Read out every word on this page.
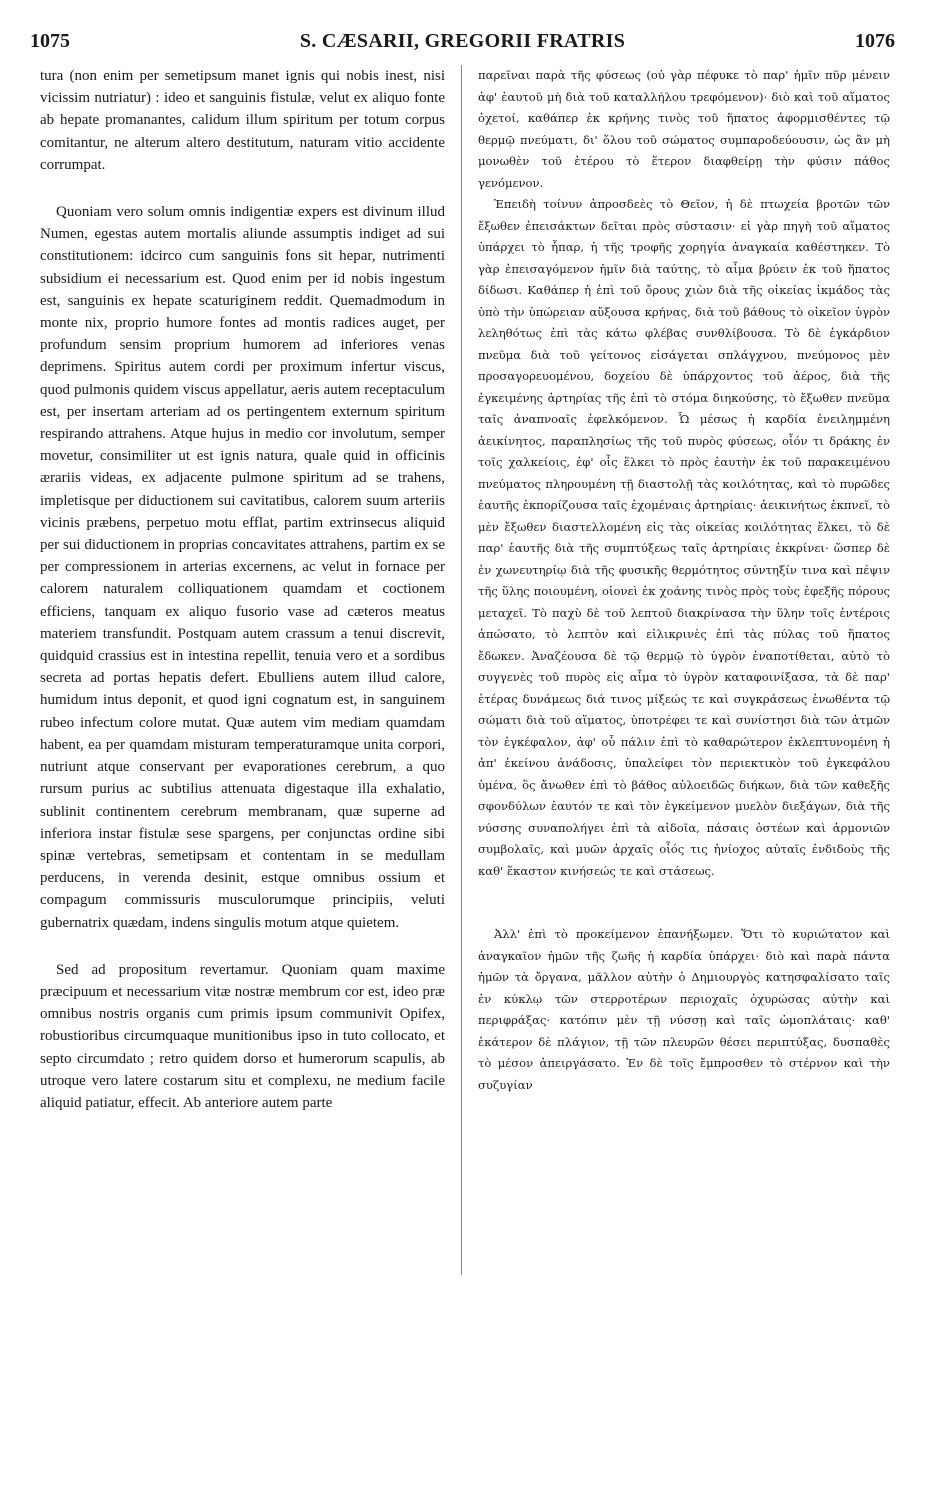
1075	S. CÆSARII, GREGORII FRATRIS	1076

tura (non enim per semetipsum manet ignis qui nobis inest, nisi vicissim nutriatur) : ideo et sanguinis fistulæ, velut ex aliquo fonte ab hepate promanantes, calidum illum spiritum per totum corpus comitantur, ne alterum altero destitutum, naturam vitio accidente corrumpat.

Quoniam vero solum omnis indigentiæ expers est divinum illud Numen, egestas autem mortalis aliunde assumptis indiget ad sui constitutionem: idcirco cum sanguinis fons sit hepar, nutrimenti subsidium ei necessarium est. Quod enim per id nobis ingestum est, sanguinis ex hepate scaturiginem reddit. Quemadmodum in monte nix, proprio humore fontes ad montis radices auget, per profundum sensim proprium humorem ad inferiores venas deprimens. Spiritus autem cordi per proximum infertur viscus, quod pulmonis quidem viscus appellatur, aeris autem receptaculum est, per insertam arteriam ad os pertingentem externum spiritum respirando attrahens. Atque hujus in medio cor involutum, semper movetur, consimiliter ut est ignis natura, quale quid in officinis ærariis videas, ex adjacente pulmone spiritum ad se trahens, impletisque per diductionem sui cavitatibus, calorem suum arteriis vicinis præbens, perpetuo motu efflat, partim extrinsecus aliquid per sui diductionem in proprias concavitates attrahens, partim ex se per compressionem in arterias excernens, ac velut in fornace per calorem naturalem colliquationem quamdam et coctionem efficiens, tanquam ex aliquo fusorio vase ad cæteros meatus materiem transfundit. Postquam autem crassum a tenui discrevit, quidquid crassius est in intestina repellit, tenuia vero et a sordibus secreta ad portas hepatis defert. Ebulliens autem illud calore, humidum intus deponit, et quod igni cognatum est, in sanguinem rubeo infectum colore mutat. Quæ autem vim mediam quamdam habent, ea per quamdam misturam temperaturamque unita corpori, nutriunt atque conservant per evaporationes cerebrum, a quo rursum purius ac subtilius attenuata digestaque illa exhalatio, sublinit continentem cerebrum membranam, quæ superne ad inferiora instar fistulæ sese spargens, per conjunctas ordine sibi spinæ vertebras, semetipsam et contentam in se medullam perducens, in verenda desinit, estque omnibus ossium et compagum commissuris musculorumque principiis, veluti gubernatrix quædam, indens singulis motum atque quietem.

Sed ad propositum revertamur. Quoniam quam maxime præcipuum et necessarium vitæ nostræ membrum cor est, ideo præ omnibus nostris organis cum primis ipsum communivit Opifex, robustioribus circumquaque munitionibus ipso in tuto collocato, et septo circumdato ; retro quidem dorso et humerorum scapulis, ab utroque vero latere costarum situ et complexu, ne medium facile aliquid patiatur, effecit. Ab anteriore autem parte

παρεῖναι παρὰ τῆς φύσεως (οὐ γὰρ πέφυκε τὸ παρ' ἡμῖν πῦρ μένειν ἀφ' ἑαυτοῦ μὴ διὰ τοῦ καταλλήλου τρεφόμενον)· διὸ καὶ τοῦ αἵματος ὀχετοί, καθάπερ ἐκ κρήνης τινὸς τοῦ ἥπατος ἀφορμισθέντες τῷ θερμῷ πνεύματι, δι' ὅλου τοῦ σώματος συμπαροδεύουσιν, ὡς ἂν μὴ μονωθὲν τοῦ ἑτέρου τὸ ἕτερον διαφθείρῃ τὴν φύσιν πάθος γενόμενον.

Ἐπειδὴ τοίνυν ἀπροσδεὲς τὸ Θεῖον, ἡ δὲ πτωχεία βροτῶν τῶν ἔξωθεν ἐπεισάκτων δεῖται πρὸς σύστασιν· εἰ γὰρ πηγὴ τοῦ αἵματος ὑπάρχει τὸ ἧπαρ, ἡ τῆς τροφῆς χορηγία ἀναγκαία καθέστηκεν. Τὸ γὰρ ἐπεισαγόμενον ἡμῖν διὰ ταύτης, τὸ αἷμα βρύειν ἐκ τοῦ ἥπατος δίδωσι. Καθάπερ ἡ ἐπὶ τοῦ ὄρους χιὼν διὰ τῆς οἰκείας ἰκμάδος τὰς ὑπὸ τὴν ὑπώρειαν αὔξουσα κρήνας, διὰ τοῦ βάθους τὸ οἰκεῖον ὑγρὸν λεληθότως ἐπὶ τὰς κάτω φλέβας συνθλίβουσα. Τὸ δὲ ἐγκάρδιον πνεῦμα διὰ τοῦ γείτονος εἰσάγεται σπλάγχνου, πνεύμονος μὲν προσαγορευομένου, δοχείου δὲ ὑπάρχοντος τοῦ ἀέρος, διὰ τῆς ἐγκειμένης ἀρτηρίας τῆς ἐπὶ τὸ στόμα διηκούσης, τὸ ἔξωθεν πνεῦμα ταῖς ἀναπνοαῖς ἐφελκόμενον. Ὧ μέσως ἡ καρδία ἐνειλημμένη ἀεικίνητος, παραπλησίως τῆς τοῦ πυρὸς φύσεως, οἷόν τι δράκης ἐν τοῖς χαλκείοις, ἐφ' οἷς ἕλκει τὸ πρὸς ἑαυτὴν ἐκ τοῦ παρακειμένου πνεύματος πληρουμένη τῇ διαστολῇ τὰς κοιλότητας, καὶ τὸ πυρῶδες ἑαυτῆς ἐκπορίζουσα ταῖς ἐχομέναις ἀρτηρίαις· ἀεικινήτως ἐκπνεῖ, τὸ μὲν ἔξωθεν διαστελλομένη εἰς τὰς οἰκείας κοιλότητας ἕλκει, τὸ δὲ παρ' ἑαυτῆς διὰ τῆς συμπτύξεως ταῖς ἀρτηρίαις ἐκκρίνει· ὥσπερ δὲ ἐν χωνευτηρίῳ διὰ τῆς φυσικῆς θερμότητος σύντηξίν τινα καὶ πέψιν τῆς ὕλης ποιουμένη, οἱονεὶ ἐκ χοάνης τινὸς πρὸς τοὺς ἐφεξῆς πόρους μεταχεῖ. Τὸ παχὺ δὲ τοῦ λεπτοῦ διακρίνασα τὴν ὕλην τοῖς ἐντέροις ἀπώσατο, τὸ λεπτὸν καὶ εἰλικρινὲς ἐπὶ τὰς πύλας τοῦ ἥπατος ἔδωκεν. Ἀναζέουσα δὲ τῷ θερμῷ τὸ ὑγρὸν ἐναποτίθεται, αὐτὸ τὸ συγγενὲς τοῦ πυρὸς εἰς αἷμα τὸ ὑγρὸν καταφοινίξασα, τὰ δὲ παρ' ἑτέρας δυνάμεως διά τινος μίξεώς τε καὶ συγκράσεως ἑνωθέντα τῷ σώματι διὰ τοῦ αἵματος, ὑποτρέφει τε καὶ συνίστησι διὰ τῶν ἀτμῶν τὸν ἐγκέφαλον, ἀφ' οὗ πάλιν ἐπὶ τὸ καθαρώτερον ἐκλεπτυνομένη ἡ ἀπ' ἐκείνου ἀνάδοσις, ὑπαλείφει τὸν περιεκτικὸν τοῦ ἐγκεφάλου ὑμένα, ὃς ἄνωθεν ἐπὶ τὸ βάθος αὐλοειδῶς διήκων, διὰ τῶν καθεξῆς σφονδύλων ἑαυτόν τε καὶ τὸν ἐγκείμενον μυελὸν διεξάγων, διὰ τῆς νύσσης συναπολήγει ἐπὶ τὰ αἰδοῖα, πάσαις ὀστέων καὶ ἁρμονιῶν συμβολαῖς, καὶ μυῶν ἀρχαῖς οἷός τις ἡνίοχος αὐταῖς ἐνδιδοὺς τῆς καθ' ἕκαστον κινήσεώς τε καὶ στάσεως.

Ἀλλ' ἐπὶ τὸ προκείμενον ἐπανήξωμεν. Ὅτι τὸ κυριώτατον καὶ ἀναγκαῖον ἡμῶν τῆς ζωῆς ἡ καρδία ὑπάρχει· διὸ καὶ παρὰ πάντα ἡμῶν τὰ ὄργανα, μᾶλλον αὐτὴν ὁ Δημιουργὸς κατησφαλίσατο ταῖς ἐν κύκλῳ τῶν στερροτέρων περιοχαῖς ὀχυρώσας αὐτὴν καὶ περιφράξας· κατόπιν μὲν τῇ νύσσῃ καὶ ταῖς ὠμοπλάταις· καθ' ἑκάτερον δὲ πλάγιον, τῇ τῶν πλευρῶν θέσει περιπτύξας, δυσπαθὲς τὸ μέσον ἀπειργάσατο. Ἐν δὲ τοῖς ἔμπροσθεν τὸ στέρνον καὶ τὴν συζυγίαν
